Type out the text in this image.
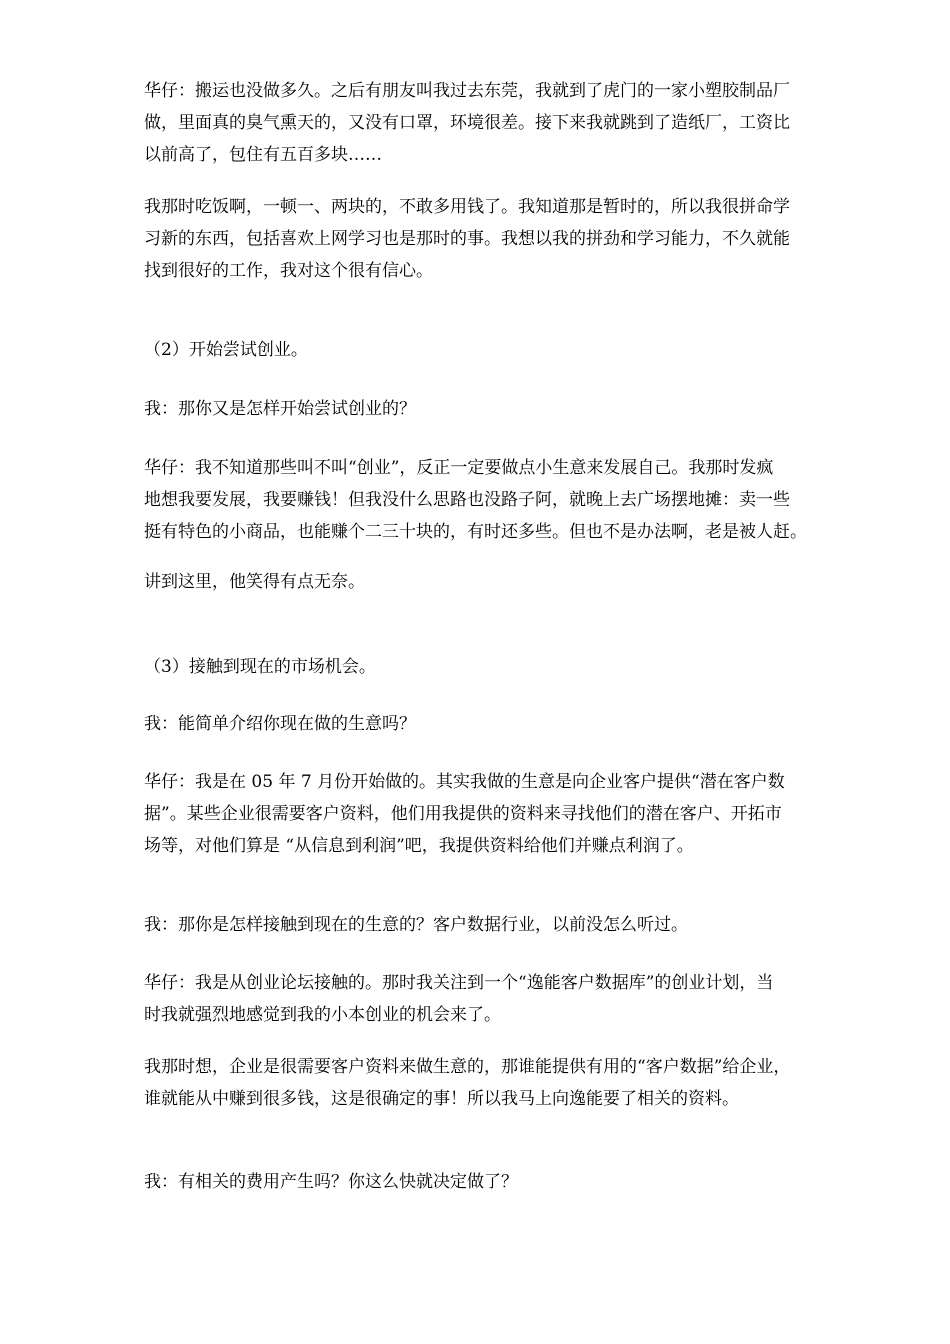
华仔：搬运也没做多久。之后有朋友叫我过去东莞，我就到了虎门的一家小塑胶制品厂
做，里面真的臭气熏天的，又没有口罩，环境很差。接下来我就跳到了造纸厂，工资比
以前高了，包住有五百多块……
我那时吃饭啊，一顿一、两块的，不敢多用钱了。我知道那是暂时的，所以我很拼命学
习新的东西，包括喜欢上网学习也是那时的事。我想以我的拼劲和学习能力，不久就能
找到很好的工作，我对这个很有信心。
（2）开始尝试创业。
我：那你又是怎样开始尝试创业的？
华仔：我不知道那些叫不叫“创业”，反正一定要做点小生意来发展自己。我那时发疯
地想我要发展，我要赚钱！但我没什么思路也没路子阿，就晚上去广场摆地摊：卖一些
挺有特色的小商品，也能赚个二三十块的，有时还多些。但也不是办法啊，老是被人赶。
讲到这里，他笑得有点无奈。
（3）接触到现在的市场机会。
我：能简单介绍你现在做的生意吗？
华仔：我是在 05 年 7 月份开始做的。其实我做的生意是向企业客户提供“潜在客户数
据”。某些企业很需要客户资料，他们用我提供的资料来寻找他们的潜在客户、开拓市
场等，对他们算是 “从信息到利润”吧，我提供资料给他们并赚点利润了。
我：那你是怎样接触到现在的生意的？客户数据行业，以前没怎么听过。
华仔：我是从创业论坛接触的。那时我关注到一个“逸能客户数据库”的创业计划，当
时我就强烈地感觉到我的小本创业的机会来了。
我那时想，企业是很需要客户资料来做生意的，那谁能提供有用的“客户数据”给企业，
谁就能从中赚到很多钱，这是很确定的事！所以我马上向逸能要了相关的资料。
我：有相关的费用产生吗？你这么快就决定做了？
